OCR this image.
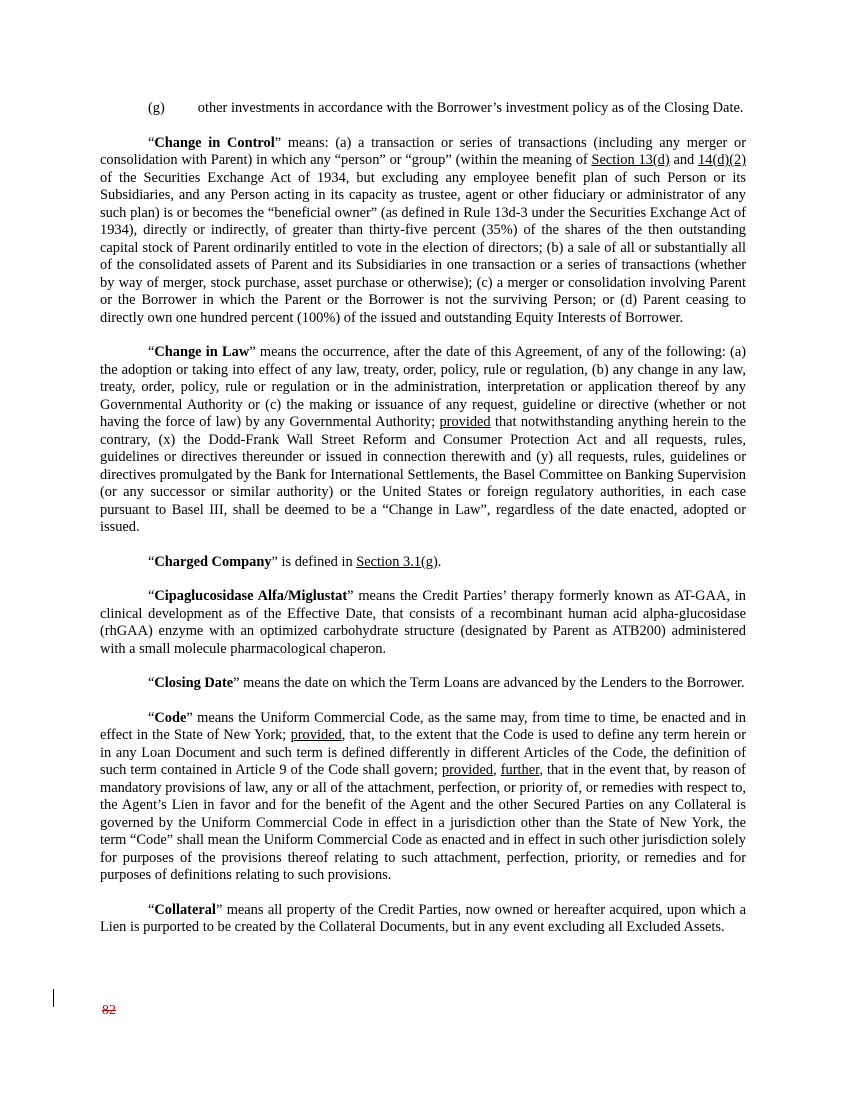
(g) other investments in accordance with the Borrower’s investment policy as of the Closing Date.

“Change in Control” means: (a) a transaction or series of transactions (including any merger or consolidation with Parent) in which any “person” or “group” (within the meaning of Section 13(d) and 14(d)(2) of the Securities Exchange Act of 1934, but excluding any employee benefit plan of such Person or its Subsidiaries, and any Person acting in its capacity as trustee, agent or other fiduciary or administrator of any such plan) is or becomes the “beneficial owner” (as defined in Rule 13d-3 under the Securities Exchange Act of 1934), directly or indirectly, of greater than thirty-five percent (35%) of the shares of the then outstanding capital stock of Parent ordinarily entitled to vote in the election of directors; (b) a sale of all or substantially all of the consolidated assets of Parent and its Subsidiaries in one transaction or a series of transactions (whether by way of merger, stock purchase, asset purchase or otherwise); (c) a merger or consolidation involving Parent or the Borrower in which the Parent or the Borrower is not the surviving Person; or (d) Parent ceasing to directly own one hundred percent (100%) of the issued and outstanding Equity Interests of Borrower.

“Change in Law” means the occurrence, after the date of this Agreement, of any of the following: (a) the adoption or taking into effect of any law, treaty, order, policy, rule or regulation, (b) any change in any law, treaty, order, policy, rule or regulation or in the administration, interpretation or application thereof by any Governmental Authority or (c) the making or issuance of any request, guideline or directive (whether or not having the force of law) by any Governmental Authority; provided that notwithstanding anything herein to the contrary, (x) the Dodd-Frank Wall Street Reform and Consumer Protection Act and all requests, rules, guidelines or directives thereunder or issued in connection therewith and (y) all requests, rules, guidelines or directives promulgated by the Bank for International Settlements, the Basel Committee on Banking Supervision (or any successor or similar authority) or the United States or foreign regulatory authorities, in each case pursuant to Basel III, shall be deemed to be a “Change in Law”, regardless of the date enacted, adopted or issued.

“Charged Company” is defined in Section 3.1(g).

“Cipaglucosidase Alfa/Miglustat” means the Credit Parties’ therapy formerly known as AT-GAA, in clinical development as of the Effective Date, that consists of a recombinant human acid alpha-glucosidase (rhGAA) enzyme with an optimized carbohydrate structure (designated by Parent as ATB200) administered with a small molecule pharmacological chaperon.

“Closing Date” means the date on which the Term Loans are advanced by the Lenders to the Borrower.

“Code” means the Uniform Commercial Code, as the same may, from time to time, be enacted and in effect in the State of New York; provided, that, to the extent that the Code is used to define any term herein or in any Loan Document and such term is defined differently in different Articles of the Code, the definition of such term contained in Article 9 of the Code shall govern; provided, further, that in the event that, by reason of mandatory provisions of law, any or all of the attachment, perfection, or priority of, or remedies with respect to, the Agent’s Lien in favor and for the benefit of the Agent and the other Secured Parties on any Collateral is governed by the Uniform Commercial Code in effect in a jurisdiction other than the State of New York, the term “Code” shall mean the Uniform Commercial Code as enacted and in effect in such other jurisdiction solely for purposes of the provisions thereof relating to such attachment, perfection, priority, or remedies and for purposes of definitions relating to such provisions.

“Collateral” means all property of the Credit Parties, now owned or hereafter acquired, upon which a Lien is purported to be created by the Collateral Documents, but in any event excluding all Excluded Assets.

82
